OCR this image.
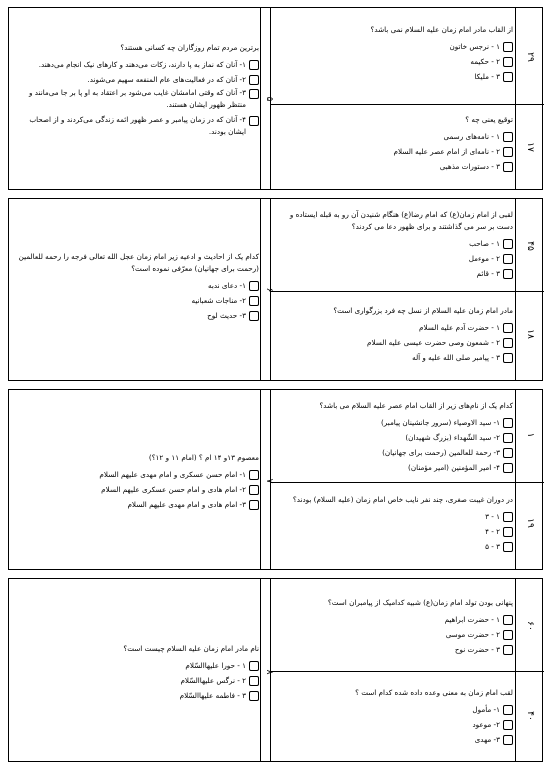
۵
برترین مردم تمام روزگاران چه کسانی هستند؟
۱- آنان که نماز به پا دارند، زکات می‌دهند و کارهای نیک انجام می‌دهند.
۲- آنان که در فعالیت‌های عام المنفعه سهیم می‌شوند.
۳- آنان که وقتی امامشان غایب می‌شود بر اعتقاد به او پا بر جا می‌مانند و منتظر ظهور ایشان هستند.
۴- آنان که در زمان پیامبر و عصر ظهور ائمه زندگی می‌کردند و از اصحاب ایشان بودند.
۲۹
از القاب مادر امام زمان علیه السلام نمی باشد؟
۱ - نرجس خاتون
۲ - حکیمه
۳ - ملیکا
۱۷
توقیع یعنی چه ؟
۱ - نامه‌های رسمی
۲ - نامه‌ای از امام عصر علیه السلام
۳ - دستورات مذهبی
۶
کدام یک از احادیث و ادعیه زیر امام زمان عجل الله تعالی فرجه را رحمه للعالمین (رحمت برای جهانیان) معرّفی نموده است؟
۱- دعای ندبه
۲- مناجات شعبانیه
۳- حدیث لوح
۴۵
لقبی از امام زمان(ع) که امام رضا(ع) هنگام شنیدن آن رو به قبله ایستاده و دست بر سر می گذاشتند و برای ظهور دعا می کردند؟
۱ - صاحب
۲ - موءمل
۳ - قائم
۱۸
مادر امام زمان علیه السلام از نسل چه فرد بزرگواری است؟
۱ - حضرت آدم علیه السلام
۲ - شمعون وصی حضرت عیسی علیه السلام
۳ - پیامبر صلی الله علیه و آله
۷
معصوم ۱۳و ۱۴ ام ؟ (امام ۱۱ و ۱۲؟)
۱- امام حسن عسکری و امام مهدی علیهم السلام
۲- امام هادی و امام حسن عسکری علیهم السلام
۳- امام هادی و امام مهدی علیهم السلام
۱
کدام یک از نام‌های زیر از القاب امام عصر علیه السلام می باشد؟
۱- سید الاوصیاء (سرور جانشینان پیامبر)
۲- سید الشّهداء (بزرگ شهیدان)
۳- رحمة للعالمین (رحمت برای جهانیان)
۴- امیر المؤمنین (امیر مؤمنان)
۱۹
در دوران غیبت صغری، چند نفر نایب خاص امام زمان (علیه السلام) بودند؟
۱ - ۳
۲ - ۴
۳ - ۵
۸
نام مادر امام زمان علیه السلام چیست است؟
۱ - حورا علیهاالسّلام
۲ - نرگس علیهاالسّلام
۳ - فاطمه علیهاالسّلام
۶۰
پنهانی بودن تولد امام زمان(ع) شبیه کدامیک از پیامبران است؟
۱ - حضرت ابراهیم
۲ - حضرت موسی
۳ - حضرت نوح
۴۰
لقب امام زمان به معنی وعده داده شده کدام است ؟
۱- مأمول
۲- موعود
۳- مهدی
